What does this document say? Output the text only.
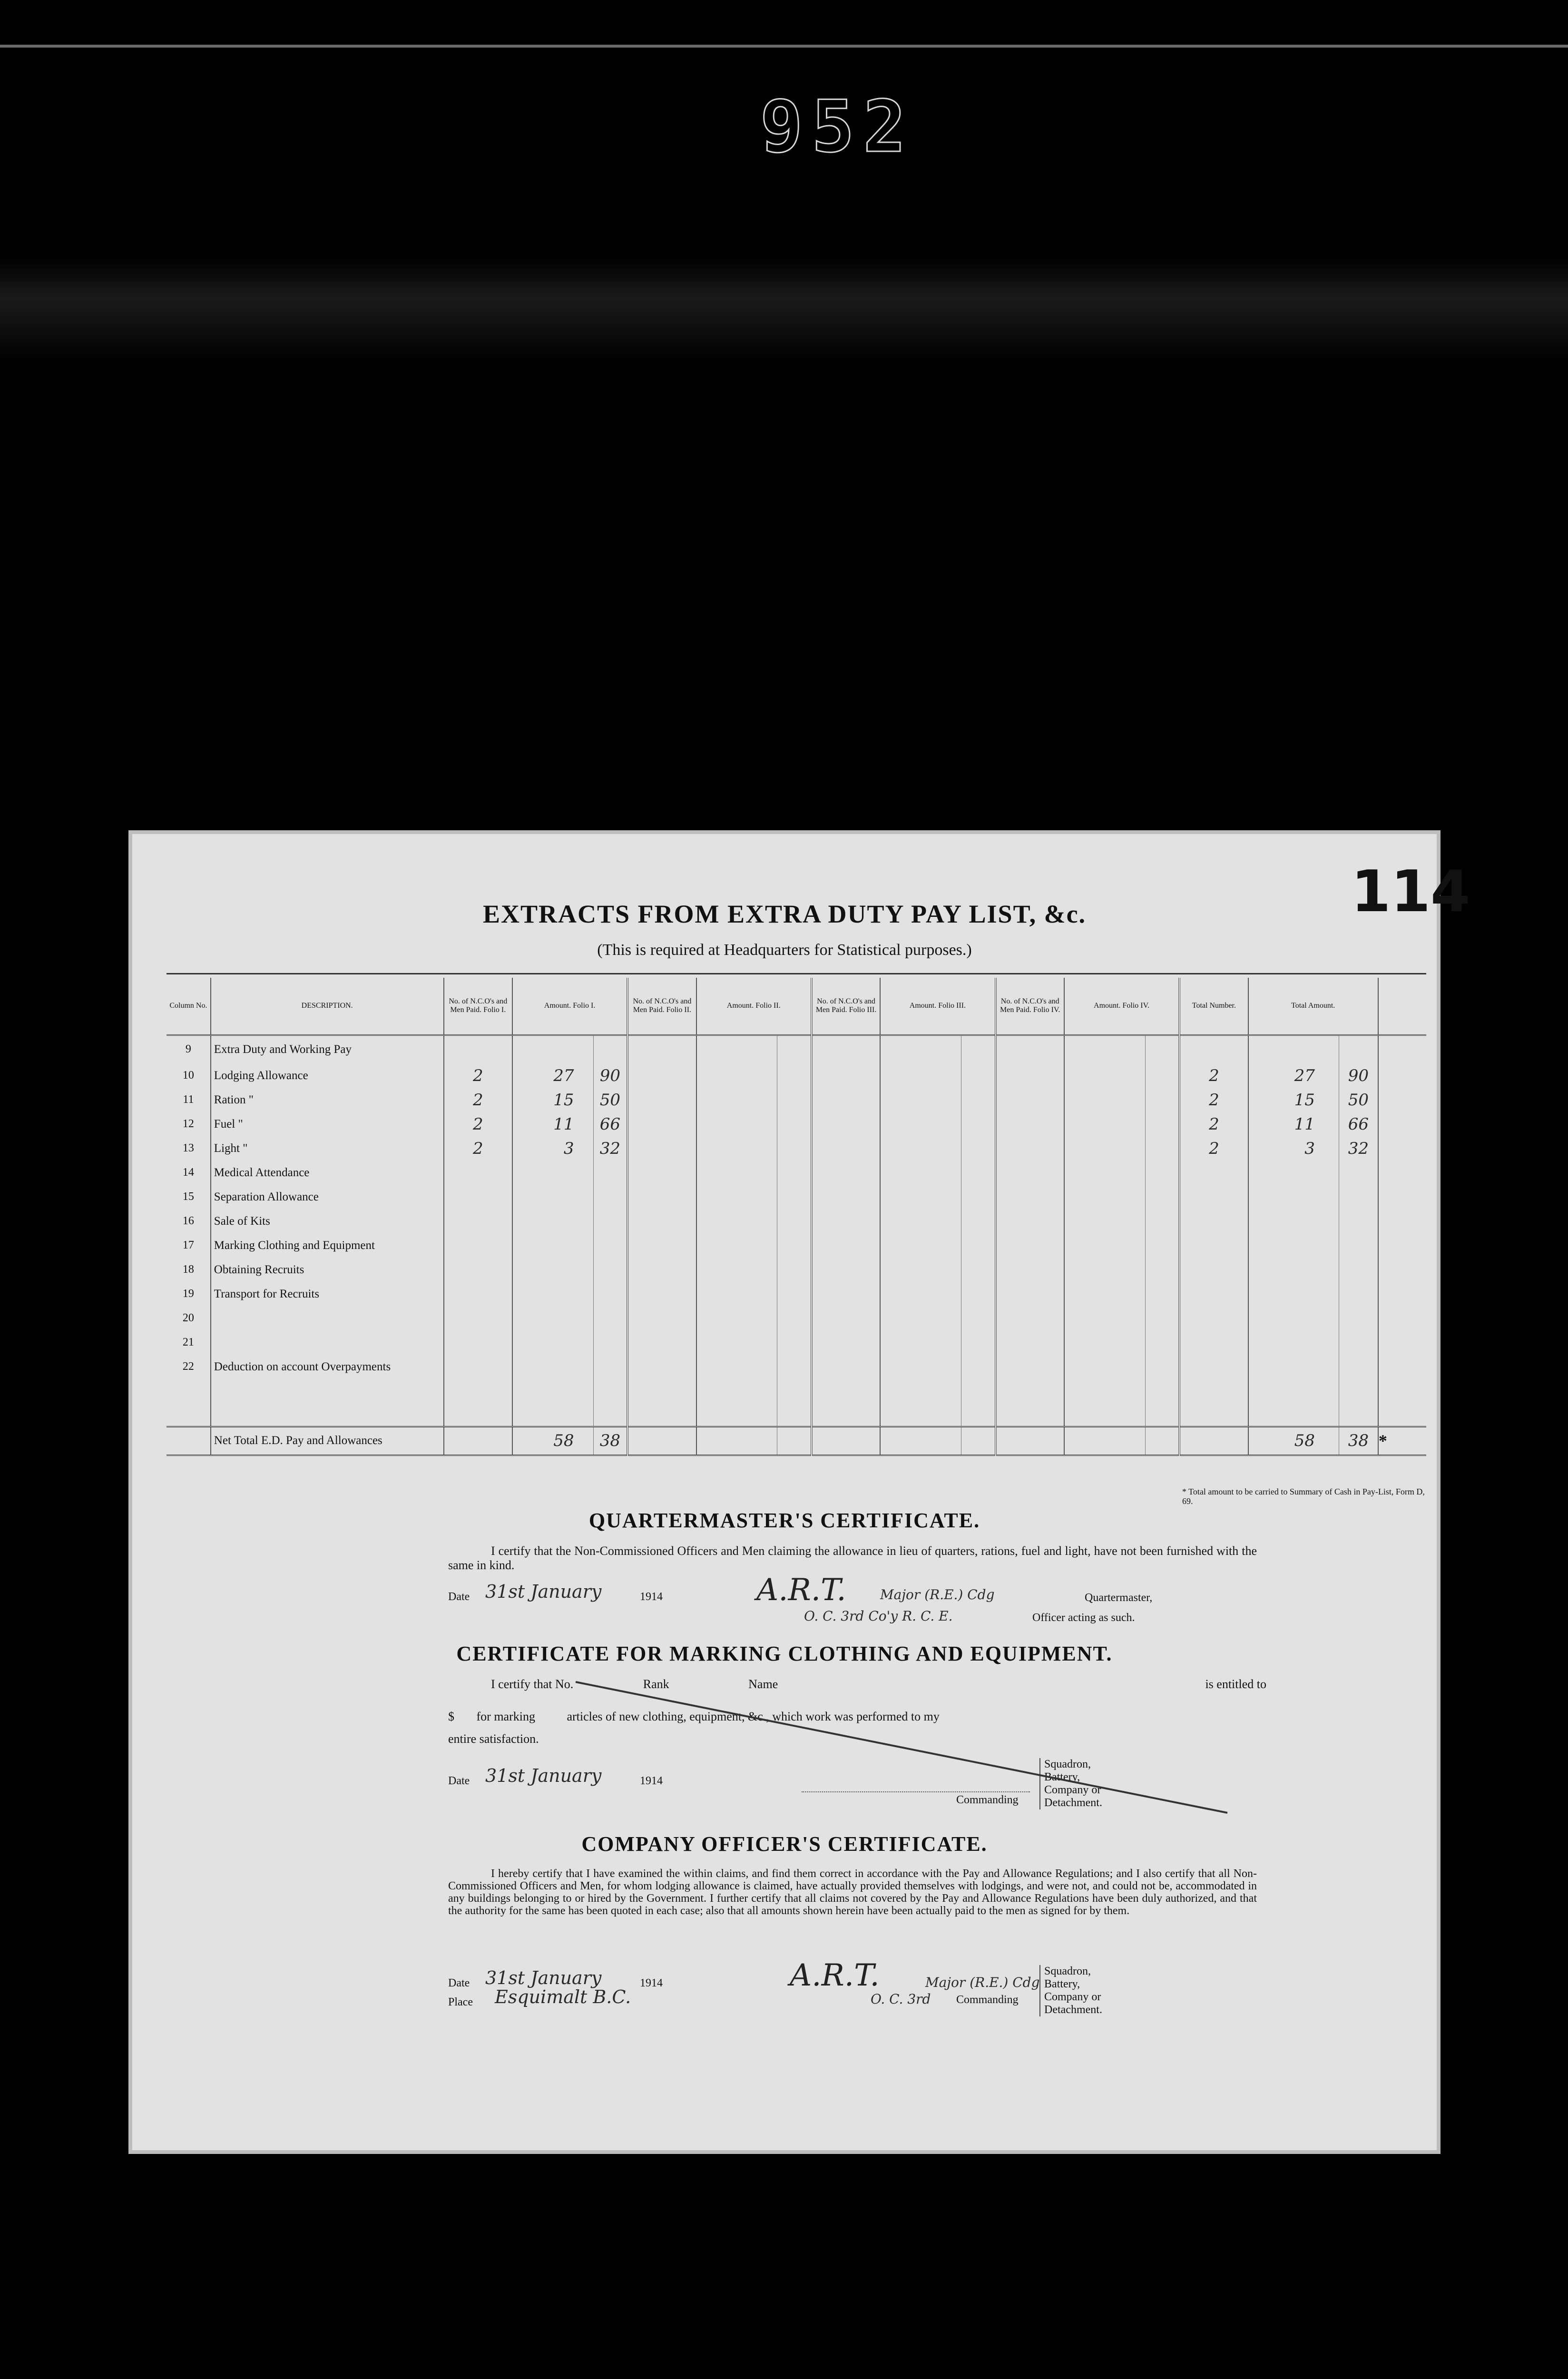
952
114
EXTRACTS FROM EXTRA DUTY PAY LIST, &c.
(This is required at Headquarters for Statistical purposes.)
Column No.	DESCRIPTION.	No. of N.C.O's and Men Paid. Folio I.	Amount. Folio I.		No. of N.C.O's and Men Paid. Folio II.	Amount. Folio II.		No. of N.C.O's and Men Paid. Folio III.	Amount. Folio III.		No. of N.C.O's and Men Paid. Folio IV.	Amount. Folio IV.		Total Number.	Total Amount.		
9	Extra Duty and Working Pay																
10	Lodging Allowance	2	27	90										2	27	90	
11	Ration "	2	15	50										2	15	50	
12	Fuel "	2	11	66										2	11	66	
13	Light "	2	3	32										2	3	32	
14	Medical Attendance																
15	Separation Allowance																
16	Sale of Kits																
17	Marking Clothing and Equipment																
18	Obtaining Recruits																
19	Transport for Recruits																
20																	
21																	
22	Deduction on account Overpayments																

	Net Total E.D. Pay and Allowances		58	38											58	38	*
* Total amount to be carried to Summary of Cash in Pay-List, Form D, 69.
QUARTERMASTER'S CERTIFICATE.
I certify that the Non-Commissioned Officers and Men claiming the allowance in lieu of quarters, rations, fuel and light, have not been furnished with the same in kind.
Date 31st January	1914	A.R.T.	Major (R.E.) Cdg	Quartermaster,
O. C. 3rd Co'y R. C. E.	Officer acting as such.
CERTIFICATE FOR MARKING CLOTHING AND EQUIPMENT.
I certify that No.	Rank	Name	is entitled to
$ for marking	articles of new clothing, equipment, &c., which work was performed to my
entire satisfaction.
Date 31st January	1914
Commanding
Squadron, Battery, Company or Detachment.
COMPANY OFFICER'S CERTIFICATE.
I hereby certify that I have examined the within claims, and find them correct in accordance with the Pay and Allowance Regulations; and I also certify that all Non-Commissioned Officers and Men, for whom lodging allowance is claimed, have actually provided themselves with lodgings, and were not, and could not be, accommodated in any buildings belonging to or hired by the Government. I further certify that all claims not covered by the Pay and Allowance Regulations have been duly authorized, and that the authority for the same has been quoted in each case; also that all amounts shown herein have been actually paid to the men as signed for by them.
Date 31st January	1914
Place Esquimalt B.C.
A.R.T.	Major (R.E.) Cdg
O. C. 3rd Commanding
Squadron, Battery, Company or Detachment.
